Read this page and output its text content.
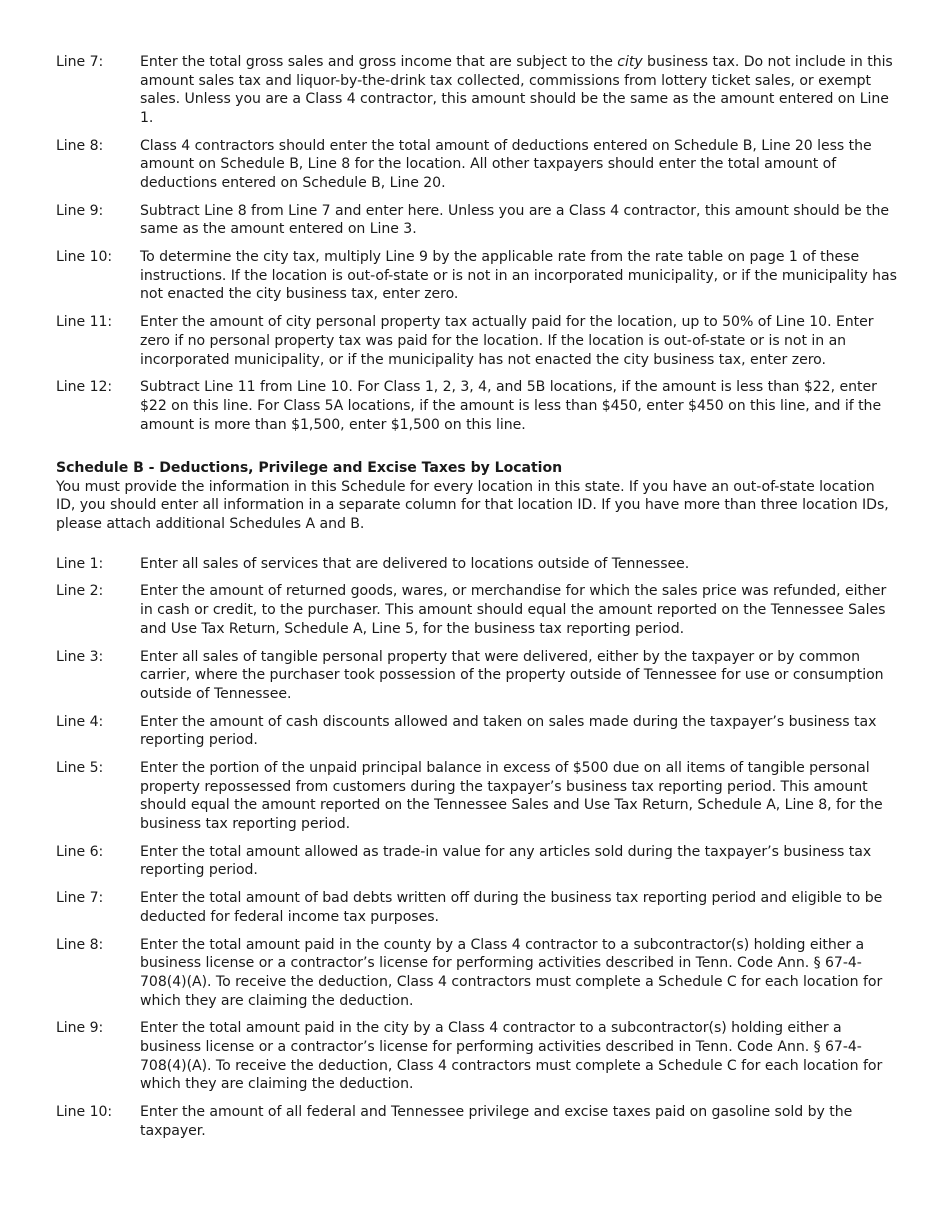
Line 7:	Enter the total gross sales and gross income that are subject to the city business tax. Do not include in this amount sales tax and liquor-by-the-drink tax collected, commissions from lottery ticket sales, or exempt sales. Unless you are a Class 4 contractor, this amount should be the same as the amount entered on Line 1.
Line 8:	Class 4 contractors should enter the total amount of deductions entered on Schedule B, Line 20 less the amount on Schedule B, Line 8 for the location. All other taxpayers should enter the total amount of deductions entered on Schedule B, Line 20.
Line 9:	Subtract Line 8 from Line 7 and enter here. Unless you are a Class 4 contractor, this amount should be the same as the amount entered on Line 3.
Line 10:	To determine the city tax, multiply Line 9 by the applicable rate from the rate table on page 1 of these instructions. If the location is out-of-state or is not in an incorporated municipality, or if the municipality has not enacted the city business tax, enter zero.
Line 11:	Enter the amount of city personal property tax actually paid for the location, up to 50% of Line 10. Enter zero if no personal property tax was paid for the location. If the location is out-of-state or is not in an incorporated municipality, or if the municipality has not enacted the city business tax, enter zero.
Line 12:	Subtract Line 11 from Line 10. For Class 1, 2, 3, 4, and 5B locations, if the amount is less than $22, enter $22 on this line. For Class 5A locations, if the amount is less than $450, enter $450 on this line, and if the amount is more than $1,500, enter $1,500 on this line.
Schedule B - Deductions, Privilege and Excise Taxes by Location
You must provide the information in this Schedule for every location in this state. If you have an out-of-state location ID, you should enter all information in a separate column for that location ID. If you have more than three location IDs, please attach additional Schedules A and B.
Line 1:	Enter all sales of services that are delivered to locations outside of Tennessee.
Line 2:	Enter the amount of returned goods, wares, or merchandise for which the sales price was refunded, either in cash or credit, to the purchaser. This amount should equal the amount reported on the Tennessee Sales and Use Tax Return, Schedule A, Line 5, for the business tax reporting period.
Line 3:	Enter all sales of tangible personal property that were delivered, either by the taxpayer or by common carrier, where the purchaser took possession of the property outside of Tennessee for use or consumption outside of Tennessee.
Line 4:	Enter the amount of cash discounts allowed and taken on sales made during the taxpayer’s business tax reporting period.
Line 5:	Enter the portion of the unpaid principal balance in excess of $500 due on all items of tangible personal property repossessed from customers during the taxpayer’s business tax reporting period. This amount should equal the amount reported on the Tennessee Sales and Use Tax Return, Schedule A, Line 8, for the business tax reporting period.
Line 6:	Enter the total amount allowed as trade-in value for any articles sold during the taxpayer’s business tax reporting period.
Line 7:	Enter the total amount of bad debts written off during the business tax reporting period and eligible to be deducted for federal income tax purposes.
Line 8:	Enter the total amount paid in the county by a Class 4 contractor to a subcontractor(s) holding either a business license or a contractor’s license for performing activities described in Tenn. Code Ann. § 67-4-708(4)(A). To receive the deduction, Class 4 contractors must complete a Schedule C for each location for which they are claiming the deduction.
Line 9:	Enter the total amount paid in the city by a Class 4 contractor to a subcontractor(s) holding either a business license or a contractor’s license for performing activities described in Tenn. Code Ann. § 67-4-708(4)(A). To receive the deduction, Class 4 contractors must complete a Schedule C for each location for which they are claiming the deduction.
Line 10:	Enter the amount of all federal and Tennessee privilege and excise taxes paid on gasoline sold by the taxpayer.
